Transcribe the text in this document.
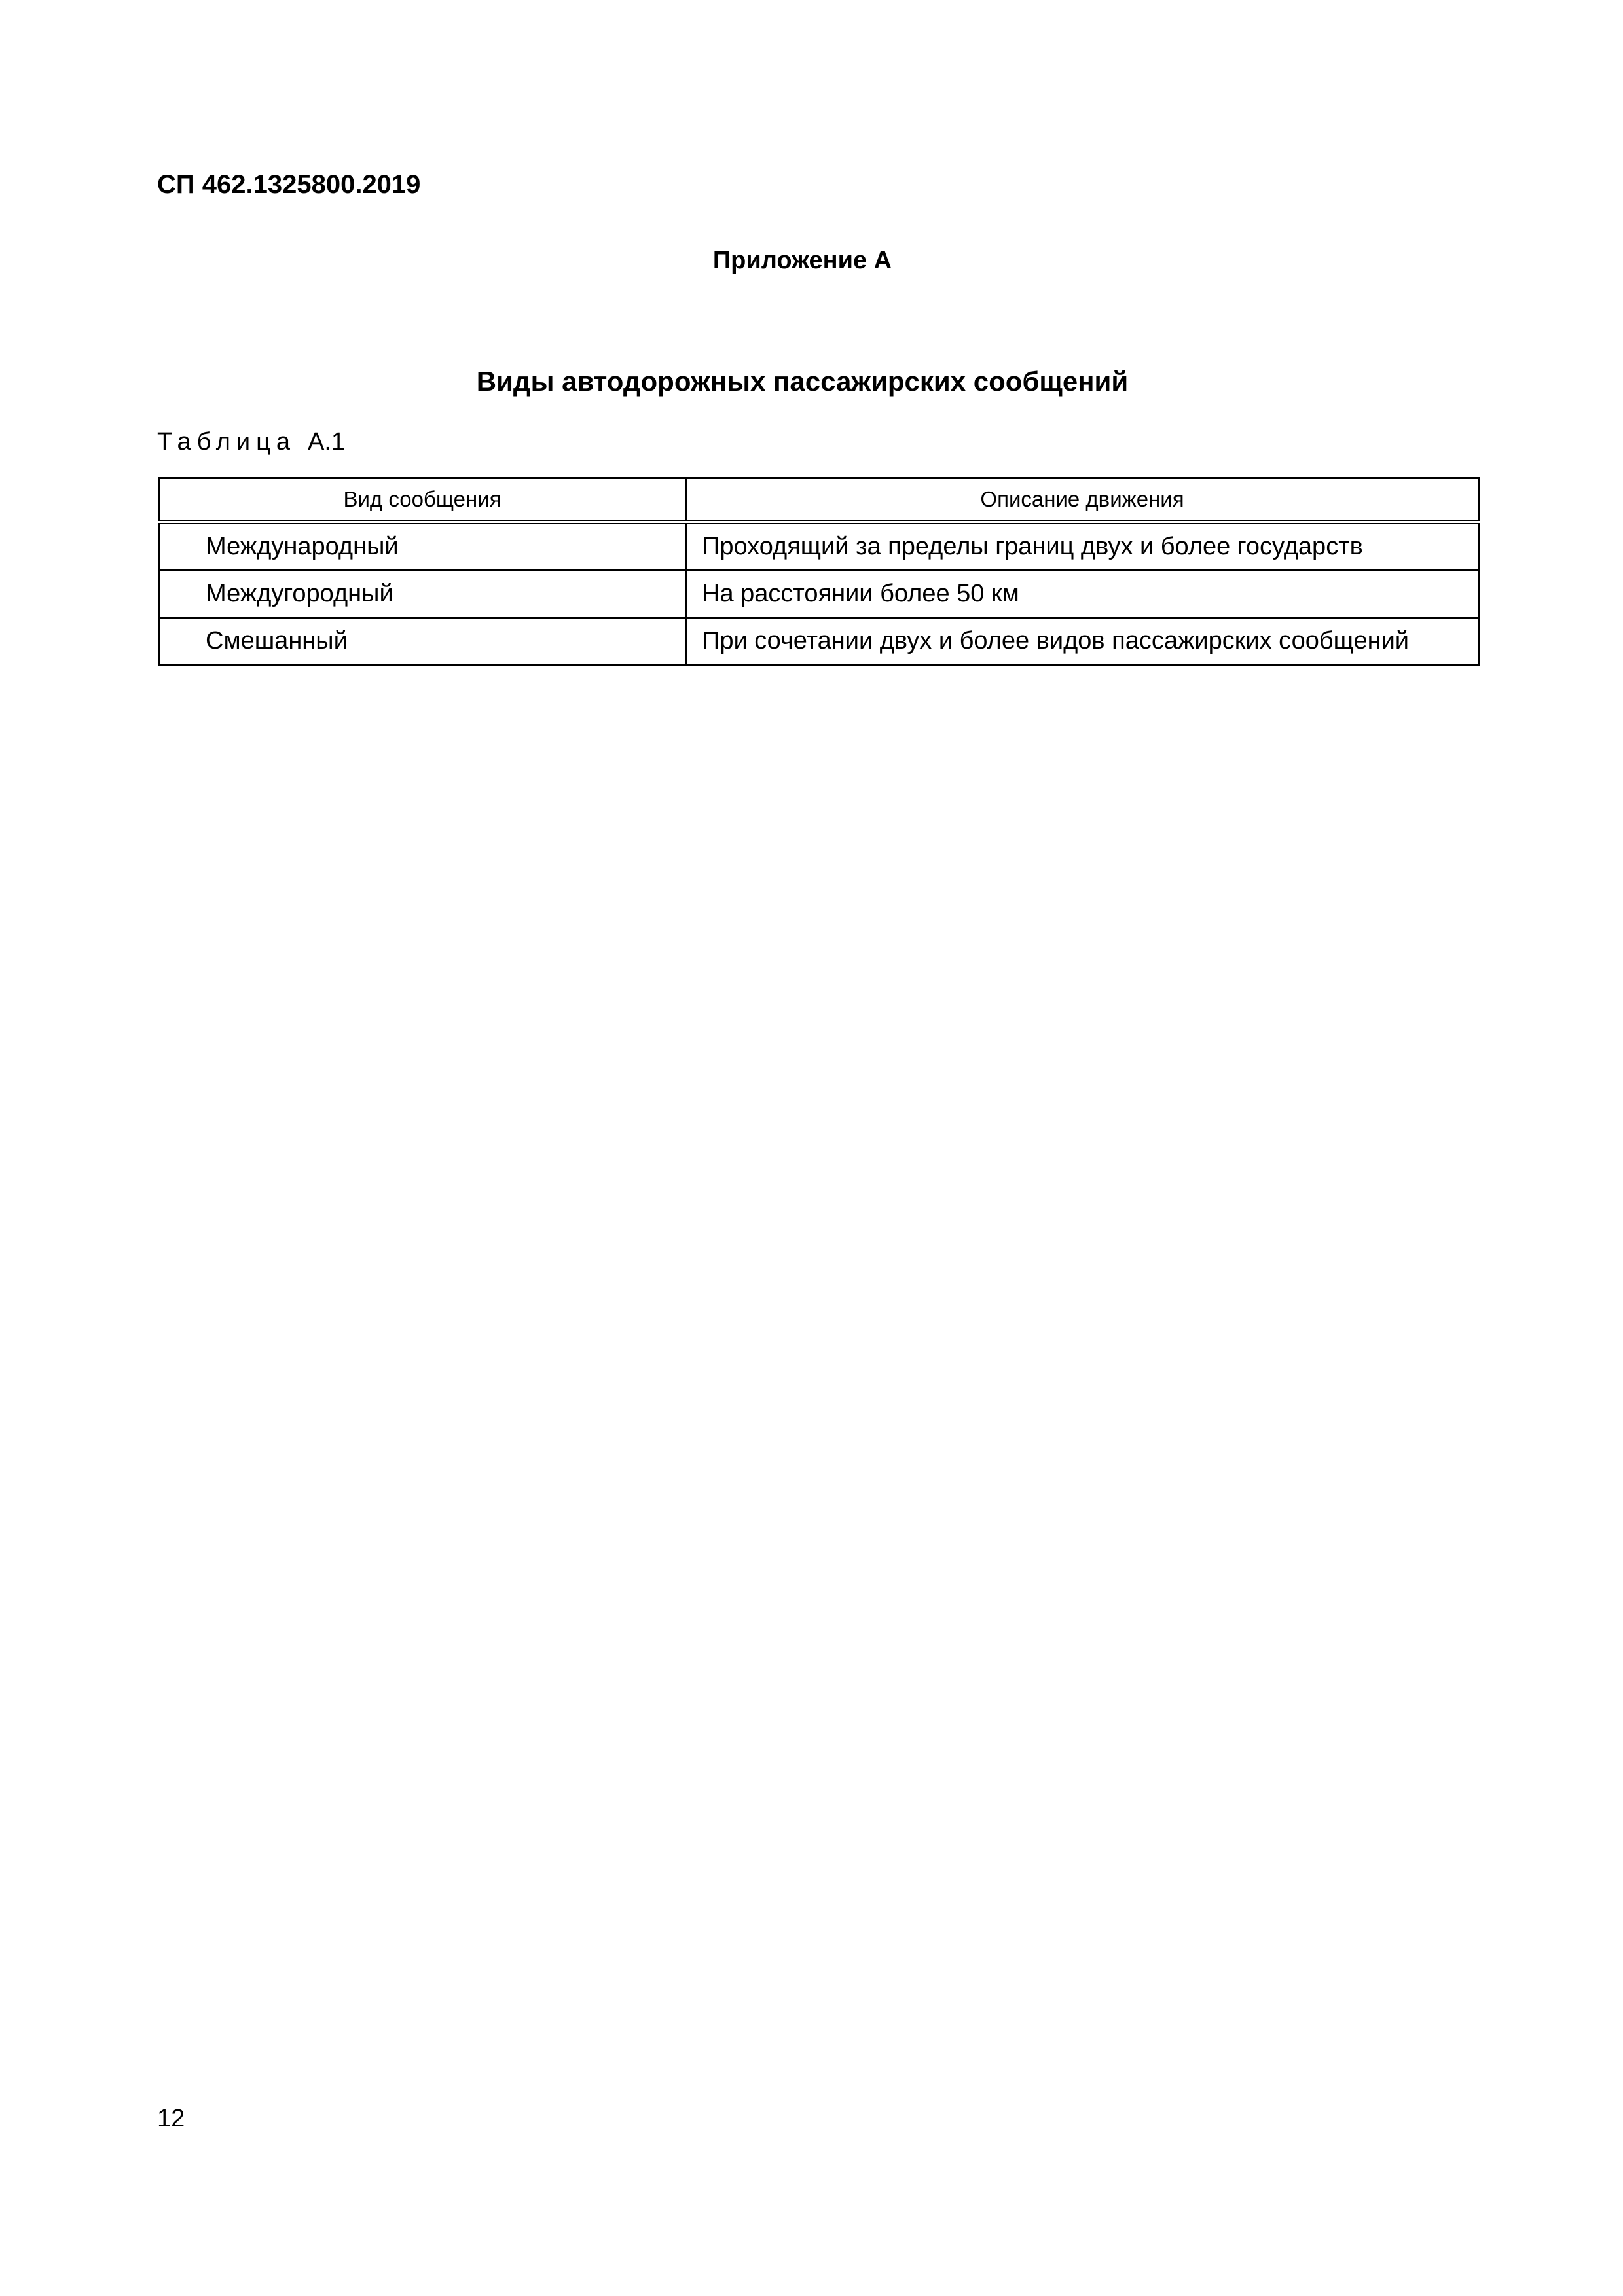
СП 462.1325800.2019
Приложение А
Виды автодорожных пассажирских сообщений
Таблица А.1
Вид сообщения	Описание движения
Международный	Проходящий за пределы границ двух и более государств
Междугородный	На расстоянии более 50 км
Смешанный	При сочетании двух и более видов пассажирских сообщений
12
